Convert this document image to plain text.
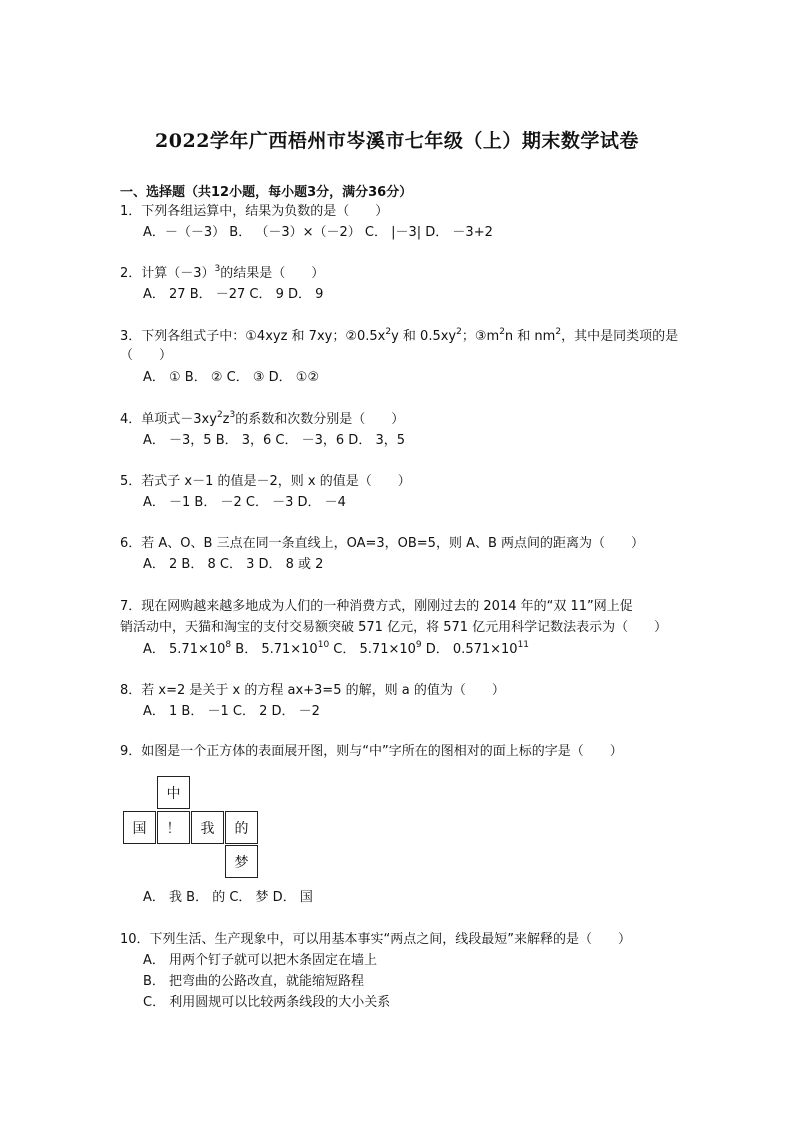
2022学年广西梧州市岑溪市七年级（上）期末数学试卷
一、选择题（共12小题，每小题3分，满分36分）
1．下列各组运算中，结果为负数的是（　　）
A．－（－3） B． （－3）×（－2） C． |－3| D． －3+2
2．计算$(-3)^3$的结果是（　　）
A． 27 B． －27 C． 9 D． 9
3．下列各组式子中：①4xyz 和 7xy；$②0.5x^2y$ 和 $0.5xy^2$；$③m^2n$ 和 $nm^2$，其中是同类项的是
（　　）
A． ① B． ② C． ③ D． ①②
4．单项式$-3xy^2z^3$的系数和次数分别是（　　）
A． －3，5 B． 3，6 C． －3，6 D． 3，5
5．若式子 x－1 的值是－2，则 x 的值是（　　）
A． －1 B． －2 C． －3 D． －4
6．若 A、O、B 三点在同一条直线上，OA=3，OB=5，则 A、B 两点间的距离为（　　）
A． 2 B． 8 C． 3 D． 8 或 2
7．现在网购越来越多地成为人们的一种消费方式，刚刚过去的 2014 年的“双 11”网上促
销活动中，天猫和淘宝的支付交易额突破 571 亿元，将 571 亿元用科学记数法表示为（　　）
A． $5.71\times 10^8$ B． $5.71\times 10^{10}$ C． $5.71\times 10^9$ D． $0.571\times 10^{11}$
8．若 x=2 是关于 x 的方程 ax+3=5 的解，则 a 的值为（　　）
A． 1 B． －1 C． 2 D． －2
9．如图是一个正方体的表面展开图，则与“中”字所在的图相对的面上标的字是（　　）
中
国	！	我	的
梦
A． 我 B． 的 C． 梦 D． 国
10．下列生活、生产现象中，可以用基本事实“两点之间，线段最短”来解释的是（　　）
A． 用两个钉子就可以把木条固定在墙上
B． 把弯曲的公路改直，就能缩短路程
C． 利用圆规可以比较两条线段的大小关系
